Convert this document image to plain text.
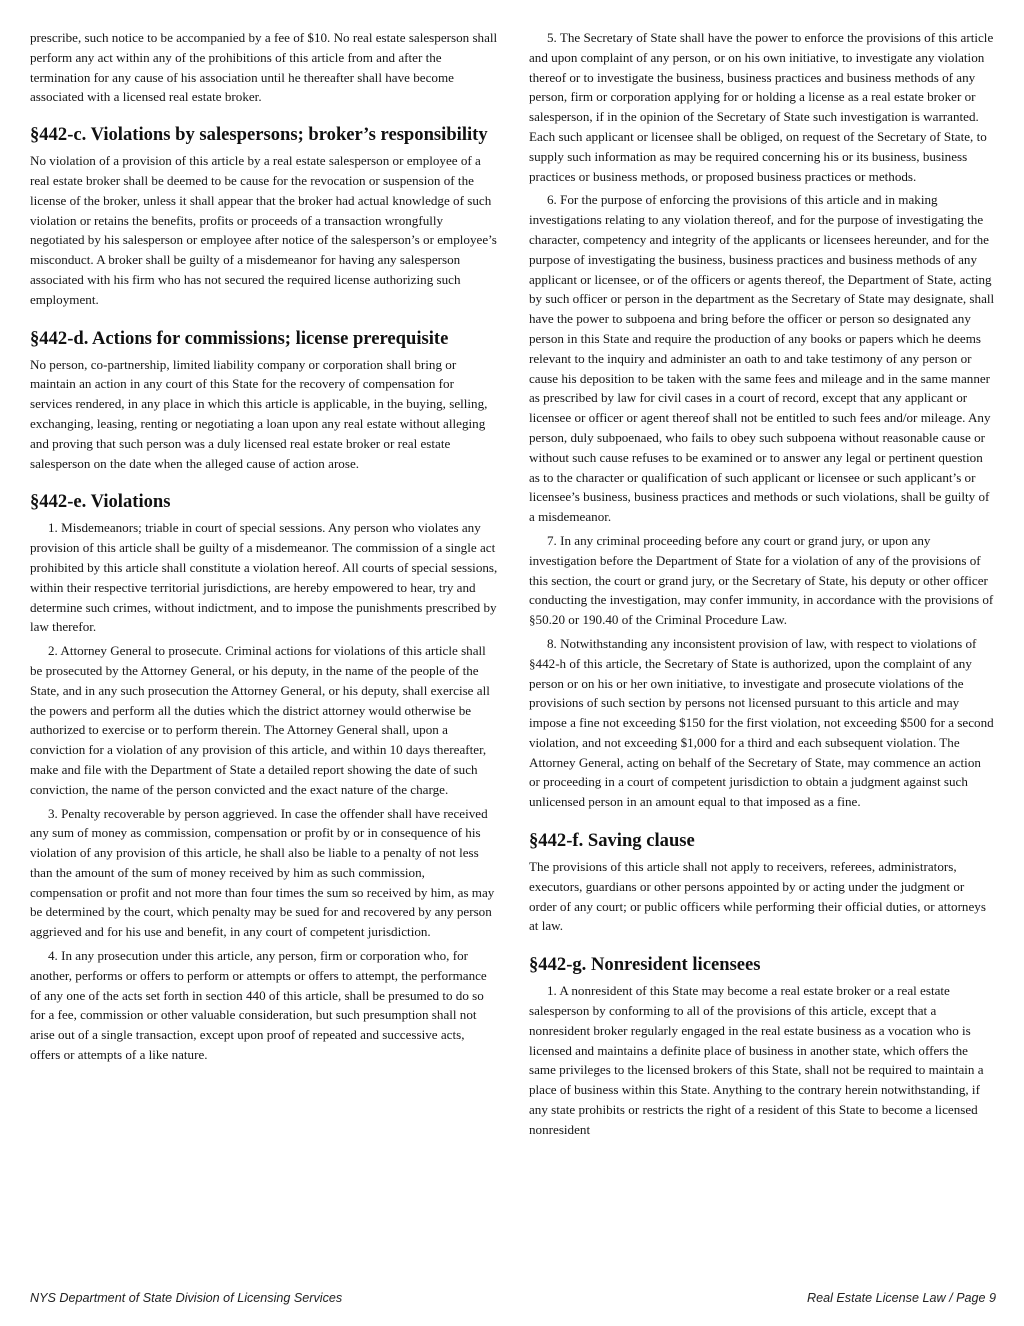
prescribe, such notice to be accompanied by a fee of $10. No real estate salesperson shall perform any act within any of the prohibitions of this article from and after the termination for any cause of his association until he thereafter shall have become associated with a licensed real estate broker.

§442-c. Violations by salespersons; broker’s responsibility

No violation of a provision of this article by a real estate salesperson or employee of a real estate broker shall be deemed to be cause for the revocation or suspension of the license of the broker, unless it shall appear that the broker had actual knowledge of such violation or retains the benefits, profits or proceeds of a transaction wrongfully negotiated by his salesperson or employee after notice of the salesperson’s or employee’s misconduct. A broker shall be guilty of a misdemeanor for having any salesperson associated with his firm who has not secured the required license authorizing such employment.

§442-d. Actions for commissions; license prerequisite

No person, co-partnership, limited liability company or corporation shall bring or maintain an action in any court of this State for the recovery of compensation for services rendered, in any place in which this article is applicable, in the buying, selling, exchanging, leasing, renting or negotiating a loan upon any real estate without alleging and proving that such person was a duly licensed real estate broker or real estate salesperson on the date when the alleged cause of action arose.

§442-e. Violations

1. Misdemeanors; triable in court of special sessions. Any person who violates any provision of this article shall be guilty of a misdemeanor. The commission of a single act prohibited by this article shall constitute a violation hereof. All courts of special sessions, within their respective territorial jurisdictions, are hereby empowered to hear, try and determine such crimes, without indictment, and to impose the punishments prescribed by law therefor.

2. Attorney General to prosecute. Criminal actions for violations of this article shall be prosecuted by the Attorney General, or his deputy, in the name of the people of the State, and in any such prosecution the Attorney General, or his deputy, shall exercise all the powers and perform all the duties which the district attorney would otherwise be authorized to exercise or to perform therein. The Attorney General shall, upon a conviction for a violation of any provision of this article, and within 10 days thereafter, make and file with the Department of State a detailed report showing the date of such conviction, the name of the person convicted and the exact nature of the charge.

3. Penalty recoverable by person aggrieved. In case the offender shall have received any sum of money as commission, compensation or profit by or in consequence of his violation of any provision of this article, he shall also be liable to a penalty of not less than the amount of the sum of money received by him as such commission, compensation or profit and not more than four times the sum so received by him, as may be determined by the court, which penalty may be sued for and recovered by any person aggrieved and for his use and benefit, in any court of competent jurisdiction.

4. In any prosecution under this article, any person, firm or corporation who, for another, performs or offers to perform or attempts or offers to attempt, the performance of any one of the acts set forth in section 440 of this article, shall be presumed to do so for a fee, commission or other valuable consideration, but such presumption shall not arise out of a single transaction, except upon proof of repeated and successive acts, offers or attempts of a like nature.

5. The Secretary of State shall have the power to enforce the provisions of this article and upon complaint of any person, or on his own initiative, to investigate any violation thereof or to investigate the business, business practices and business methods of any person, firm or corporation applying for or holding a license as a real estate broker or salesperson, if in the opinion of the Secretary of State such investigation is warranted. Each such applicant or licensee shall be obliged, on request of the Secretary of State, to supply such information as may be required concerning his or its business, business practices or business methods, or proposed business practices or methods.

6. For the purpose of enforcing the provisions of this article and in making investigations relating to any violation thereof, and for the purpose of investigating the character, competency and integrity of the applicants or licensees hereunder, and for the purpose of investigating the business, business practices and business methods of any applicant or licensee, or of the officers or agents thereof, the Department of State, acting by such officer or person in the department as the Secretary of State may designate, shall have the power to subpoena and bring before the officer or person so designated any person in this State and require the production of any books or papers which he deems relevant to the inquiry and administer an oath to and take testimony of any person or cause his deposition to be taken with the same fees and mileage and in the same manner as prescribed by law for civil cases in a court of record, except that any applicant or licensee or officer or agent thereof shall not be entitled to such fees and/or mileage. Any person, duly subpoenaed, who fails to obey such subpoena without reasonable cause or without such cause refuses to be examined or to answer any legal or pertinent question as to the character or qualification of such applicant or licensee or such applicant’s or licensee’s business, business practices and methods or such violations, shall be guilty of a misdemeanor.

7. In any criminal proceeding before any court or grand jury, or upon any investigation before the Department of State for a violation of any of the provisions of this section, the court or grand jury, or the Secretary of State, his deputy or other officer conducting the investigation, may confer immunity, in accordance with the provisions of §50.20 or 190.40 of the Criminal Procedure Law.

8. Notwithstanding any inconsistent provision of law, with respect to violations of §442-h of this article, the Secretary of State is authorized, upon the complaint of any person or on his or her own initiative, to investigate and prosecute violations of the provisions of such section by persons not licensed pursuant to this article and may impose a fine not exceeding $150 for the first violation, not exceeding $500 for a second violation, and not exceeding $1,000 for a third and each subsequent violation. The Attorney General, acting on behalf of the Secretary of State, may commence an action or proceeding in a court of competent jurisdiction to obtain a judgment against such unlicensed person in an amount equal to that imposed as a fine.

§442-f. Saving clause

The provisions of this article shall not apply to receivers, referees, administrators, executors, guardians or other persons appointed by or acting under the judgment or order of any court; or public officers while performing their official duties, or attorneys at law.

§442-g. Nonresident licensees

1. A nonresident of this State may become a real estate broker or a real estate salesperson by conforming to all of the provisions of this article, except that a nonresident broker regularly engaged in the real estate business as a vocation who is licensed and maintains a definite place of business in another state, which offers the same privileges to the licensed brokers of this State, shall not be required to maintain a place of business within this State. Anything to the contrary herein notwithstanding, if any state prohibits or restricts the right of a resident of this State to become a licensed nonresident

NYS Department of State Division of Licensing Services	Real Estate License Law / Page 9
